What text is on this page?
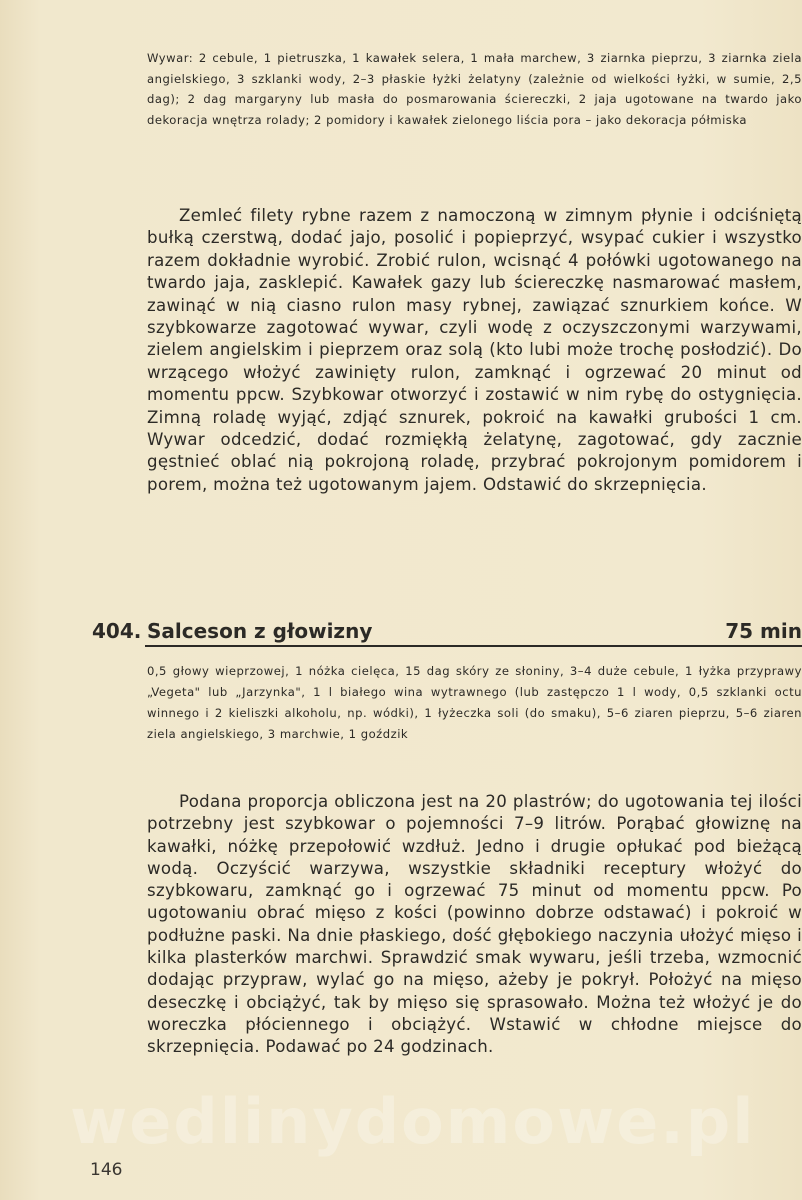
Wywar: 2 cebule, 1 pietruszka, 1 kawałek selera, 1 mała marchew, 3 ziarnka pieprzu, 3 ziarnka ziela angielskiego, 3 szklanki wody, 2–3 płaskie łyżki żelatyny (zależnie od wielkości łyżki, w sumie, 2,5 dag); 2 dag margaryny lub masła do posmarowania ściereczki, 2 jaja ugotowane na twardo jako dekoracja wnętrza rolady; 2 pomidory i kawałek zielonego liścia pora – jako dekoracja półmiska

Zemleć filety rybne razem z namoczoną w zimnym płynie i odciśniętą bułką czerstwą, dodać jajo, posolić i popieprzyć, wsypać cukier i wszystko razem dokładnie wyrobić. Zrobić rulon, wcisnąć 4 połówki ugotowanego na twardo jaja, zasklepić. Kawałek gazy lub ściereczkę nasmarować masłem, zawinąć w nią ciasno rulon masy rybnej, zawiązać sznurkiem końce. W szybkowarze zagotować wywar, czyli wodę z oczyszczonymi warzywami, zielem angielskim i pieprzem oraz solą (kto lubi może trochę posłodzić). Do wrzącego włożyć zawinięty rulon, zamknąć i ogrzewać 20 minut od momentu ppcw. Szybkowar otworzyć i zostawić w nim rybę do ostygnięcia. Zimną roladę wyjąć, zdjąć sznurek, pokroić na kawałki grubości 1 cm. Wywar odcedzić, dodać rozmiękłą żelatynę, zagotować, gdy zacznie gęstnieć oblać nią pokrojoną roladę, przybrać pokrojonym pomidorem i porem, można też ugotowanym jajem. Odstawić do skrzepnięcia.

404. Salceson z głowizny	75 min

0,5 głowy wieprzowej, 1 nóżka cielęca, 15 dag skóry ze słoniny, 3–4 duże cebule, 1 łyżka przyprawy „Vegeta" lub „Jarzynka", 1 l białego wina wytrawnego (lub zastępczo 1 l wody, 0,5 szklanki octu winnego i 2 kieliszki alkoholu, np. wódki), 1 łyżeczka soli (do smaku), 5–6 ziaren pieprzu, 5–6 ziaren ziela angielskiego, 3 marchwie, 1 goździk

Podana proporcja obliczona jest na 20 plastrów; do ugotowania tej ilości potrzebny jest szybkowar o pojemności 7–9 litrów. Porąbać głowiznę na kawałki, nóżkę przepołowić wzdłuż. Jedno i drugie opłukać pod bieżącą wodą. Oczyścić warzywa, wszystkie składniki receptury włożyć do szybkowaru, zamknąć go i ogrzewać 75 minut od momentu ppcw. Po ugotowaniu obrać mięso z kości (powinno dobrze odstawać) i pokroić w podłużne paski. Na dnie płaskiego, dość głębokiego naczynia ułożyć mięso i kilka plasterków marchwi. Sprawdzić smak wywaru, jeśli trzeba, wzmocnić dodając przypraw, wylać go na mięso, ażeby je pokrył. Położyć na mięso deseczkę i obciążyć, tak by mięso się sprasowało. Można też włożyć je do woreczka płóciennego i obciążyć. Wstawić w chłodne miejsce do skrzepnięcia. Podawać po 24 godzinach.

wedlinydomowe.pl
146
